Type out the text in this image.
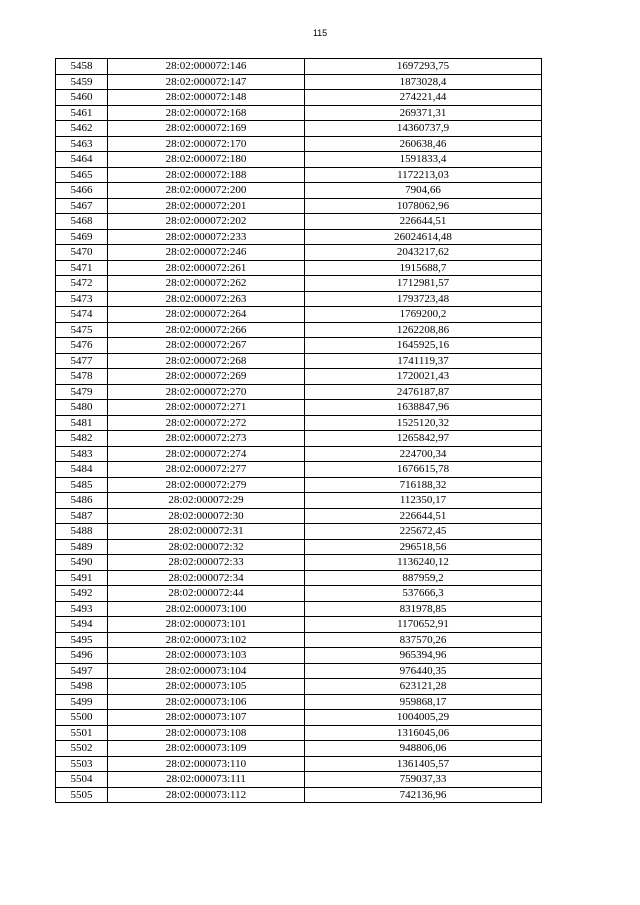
115
5458	28:02:000072:146	1697293,75
5459	28:02:000072:147	1873028,4
5460	28:02:000072:148	274221,44
5461	28:02:000072:168	269371,31
5462	28:02:000072:169	14360737,9
5463	28:02:000072:170	260638,46
5464	28:02:000072:180	1591833,4
5465	28:02:000072:188	1172213,03
5466	28:02:000072:200	7904,66
5467	28:02:000072:201	1078062,96
5468	28:02:000072:202	226644,51
5469	28:02:000072:233	26024614,48
5470	28:02:000072:246	2043217,62
5471	28:02:000072:261	1915688,7
5472	28:02:000072:262	1712981,57
5473	28:02:000072:263	1793723,48
5474	28:02:000072:264	1769200,2
5475	28:02:000072:266	1262208,86
5476	28:02:000072:267	1645925,16
5477	28:02:000072:268	1741119,37
5478	28:02:000072:269	1720021,43
5479	28:02:000072:270	2476187,87
5480	28:02:000072:271	1638847,96
5481	28:02:000072:272	1525120,32
5482	28:02:000072:273	1265842,97
5483	28:02:000072:274	224700,34
5484	28:02:000072:277	1676615,78
5485	28:02:000072:279	716188,32
5486	28:02:000072:29	112350,17
5487	28:02:000072:30	226644,51
5488	28:02:000072:31	225672,45
5489	28:02:000072:32	296518,56
5490	28:02:000072:33	1136240,12
5491	28:02:000072:34	887959,2
5492	28:02:000072:44	537666,3
5493	28:02:000073:100	831978,85
5494	28:02:000073:101	1170652,91
5495	28:02:000073:102	837570,26
5496	28:02:000073:103	965394,96
5497	28:02:000073:104	976440,35
5498	28:02:000073:105	623121,28
5499	28:02:000073:106	959868,17
5500	28:02:000073:107	1004005,29
5501	28:02:000073:108	1316045,06
5502	28:02:000073:109	948806,06
5503	28:02:000073:110	1361405,57
5504	28:02:000073:111	759037,33
5505	28:02:000073:112	742136,96
